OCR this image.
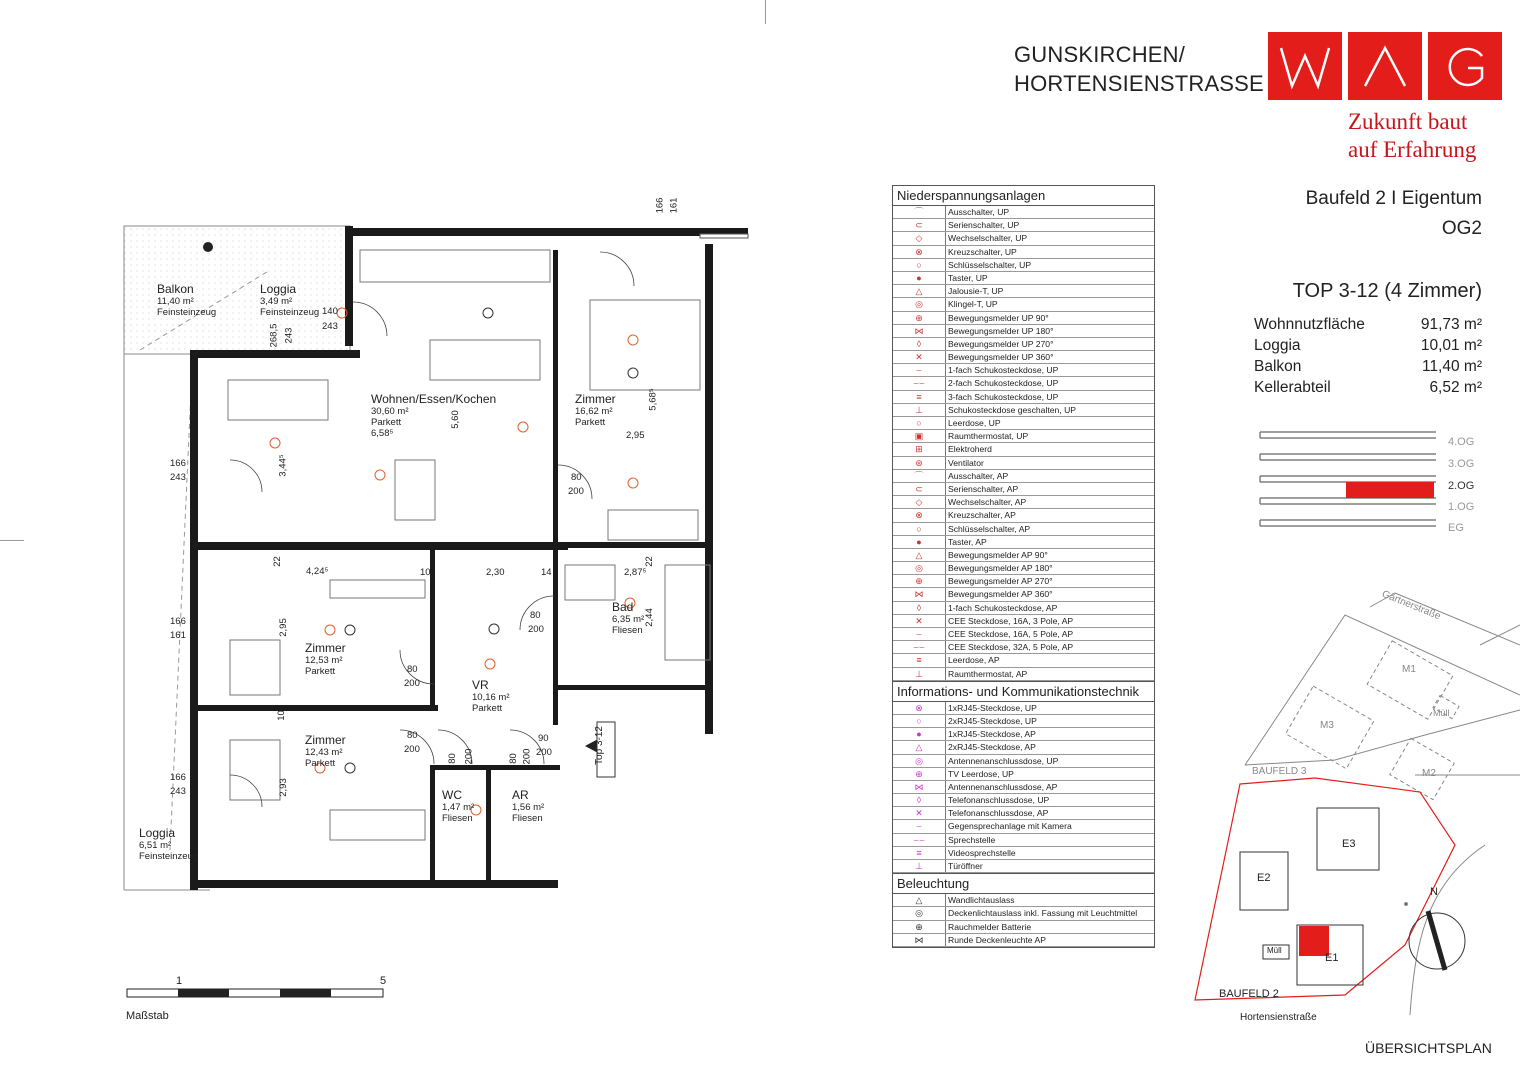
GUNSKIRCHEN/
HORTENSIENSTRASSE
Zukunft baut
auf Erfahrung
Baufeld 2 I Eigentum
OG2
TOP 3-12 (4 Zimmer)
Wohnnutzfläche	91,73 m²
Loggia	10,01 m²
Balkon	11,40 m²
Kellerabteil	6,52 m²
4.OG
3.OG
2.OG
1.OG
EG
Niederspannungsanlagen
⌒	Ausschalter, UP
⊂	Serienschalter, UP
◇	Wechselschalter, UP
⊗	Kreuzschalter, UP
○	Schlüsselschalter, UP
●	Taster, UP
△	Jalousie-T, UP
◎	Klingel-T, UP
⊕	Bewegungsmelder UP 90°
⋈	Bewegungsmelder UP 180°
◊	Bewegungsmelder UP 270°
✕	Bewegungsmelder UP 360°
⌣	1-fach Schukosteckdose, UP
⌣⌣	2-fach Schukosteckdose, UP
≡	3-fach Schukosteckdose, UP
⊥	Schukosteckdose geschalten, UP
○	Leerdose, UP
▣	Raumthermostat, UP
⊞	Elektroherd
⊛	Ventilator
⌒	Ausschalter, AP
⊂	Serienschalter, AP
◇	Wechselschalter, AP
⊗	Kreuzschalter, AP
○	Schlüsselschalter, AP
●	Taster, AP
△	Bewegungsmelder AP 90°
◎	Bewegungsmelder AP 180°
⊕	Bewegungsmelder AP 270°
⋈	Bewegungsmelder AP 360°
◊	1-fach Schukosteckdose, AP
✕	CEE Steckdose, 16A, 3 Pole, AP
⌣	CEE Steckdose, 16A, 5 Pole, AP
⌣⌣	CEE Steckdose, 32A, 5 Pole, AP
≡	Leerdose, AP
⊥	Raumthermostat, AP
Informations- und Kommunikationstechnik
⊗	1xRJ45-Steckdose, UP
○	2xRJ45-Steckdose, UP
●	1xRJ45-Steckdose, AP
△	2xRJ45-Steckdose, AP
◎	Antennenanschlussdose, UP
⊕	TV Leerdose, UP
⋈	Antennenanschlussdose, AP
◊	Telefonanschlussdose, UP
✕	Telefonanschlussdose, AP
⌣	Gegensprechanlage mit Kamera
⌣⌣	Sprechstelle
≡	Videosprechstelle
⊥	Türöffner
Beleuchtung
△	Wandlichtauslass
◎	Deckenlichtauslass inkl. Fassung mit Leuchtmittel
⊕	Rauchmelder Batterie
⋈	Runde Deckenleuchte AP
Balkon
11,40 m²
Feinsteinzeug
Loggia
3,49 m²
Feinsteinzeug
Wohnen/Essen/Kochen
30,60 m²
Parkett
6,58⁵
Zimmer
16,62 m²
Parkett
Zimmer
12,53 m²
Parkett
Zimmer
12,43 m²
Parkett
Bad
6,35 m²
Fliesen
VR
10,16 m²
Parkett
WC
1,47 m²
Fliesen
AR
1,56 m²
Fliesen
Loggia
6,51 m²
Feinsteinzeug
166 161
140
243
268,5 243
5,60
5,68⁵
2,95
3,44⁵
166
243	80
200
22
4,24⁵	10	2,30	14	2,87⁵
22
2,44
80
200
2,95
166
161
80
200
10
80
200
2,93
166
243
80 200	80 200
90
200	Top 3-12
1	5
Maßstab
Gärtnerstraße
M1
M3
M2
Müll
BAUFELD 3
E3
E2
E1
Müll
N
BAUFELD 2
Hortensienstraße
ÜBERSICHTSPLAN
